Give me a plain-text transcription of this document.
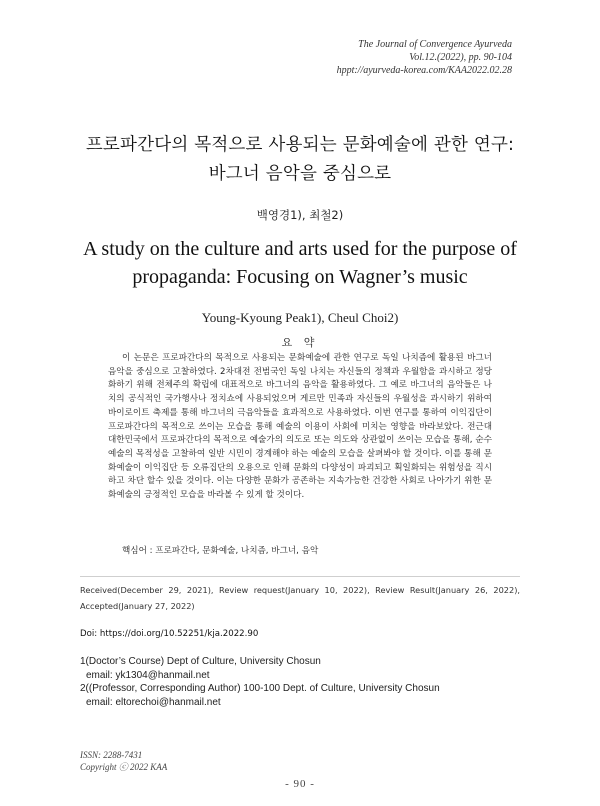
The Journal of Convergence Ayurveda
Vol.12.(2022), pp. 90-104
hppt://ayurveda-korea.com/KAA2022.02.28
프로파간다의 목적으로 사용되는 문화예술에 관한 연구:
바그너 음악을 중심으로
백영경1), 최철2)
A study on the culture and arts used for the purpose of
propaganda: Focusing on Wagner’s music
Young-Kyoung Peak1), Cheul Choi2)
요 약
이 논문은 프로파간다의 목적으로 사용되는 문화예술에 관한 연구로 독일 나치즘에 활용된 바그너 음악을 중심으로 고찰하였다. 2차대전 전범국인 독일 나치는 자신들의 정책과 우월함을 과시하고 정당화하기 위해 전체주의 확립에 대표적으로 바그너의 음악을 활용하였다. 그 예로 바그너의 음악들은 나치의 공식적인 국가행사나 정치쇼에 사용되었으며 게르만 민족과 자신들의 우월성을 과시하기 위하여 바이로이트 축제를 통해 바그너의 극음악들을 효과적으로 사용하였다. 이번 연구를 통하여 이익집단이 프로파간다의 목적으로 쓰이는 모습을 통해 예술의 이용이 사회에 미치는 영향을 바라보았다. 전근대 대한민국에서 프로파간다의 목적으로 예술가의 의도로 또는 의도와 상관없이 쓰이는 모습을 통해, 순수예술의 목적성을 고찰하여 일반 시민이 경계해야 하는 예술의 모습을 살펴봐야 할 것이다. 이를 통해 문화예술이 이익집단 등 오류집단의 오용으로 인해 문화의 다양성이 파괴되고 획일화되는 위험성을 직시하고 차단 할수 있을 것이다. 이는 다양한 문화가 공존하는 지속가능한 건강한 사회로 나아가기 위한 문화예술의 긍정적인 모습을 바라볼 수 있게 할 것이다.
핵심어 : 프로파간다, 문화예술, 나치즘, 바그너, 음악
Received(December 29, 2021), Review request(January 10, 2022), Review Result(January 26, 2022), Accepted(January 27, 2022)
Doi: https://doi.org/10.52251/kja.2022.90
1(Doctor’s Course) Dept of Culture, University Chosun
email: yk1304@hanmail.net
2((Professor, Corresponding Author) 100-100 Dept. of Culture, University Chosun
email: eltorechoi@hanmail.net
ISSN: 2288-7431
Copyright ⓒ 2022 KAA
- 90 -
